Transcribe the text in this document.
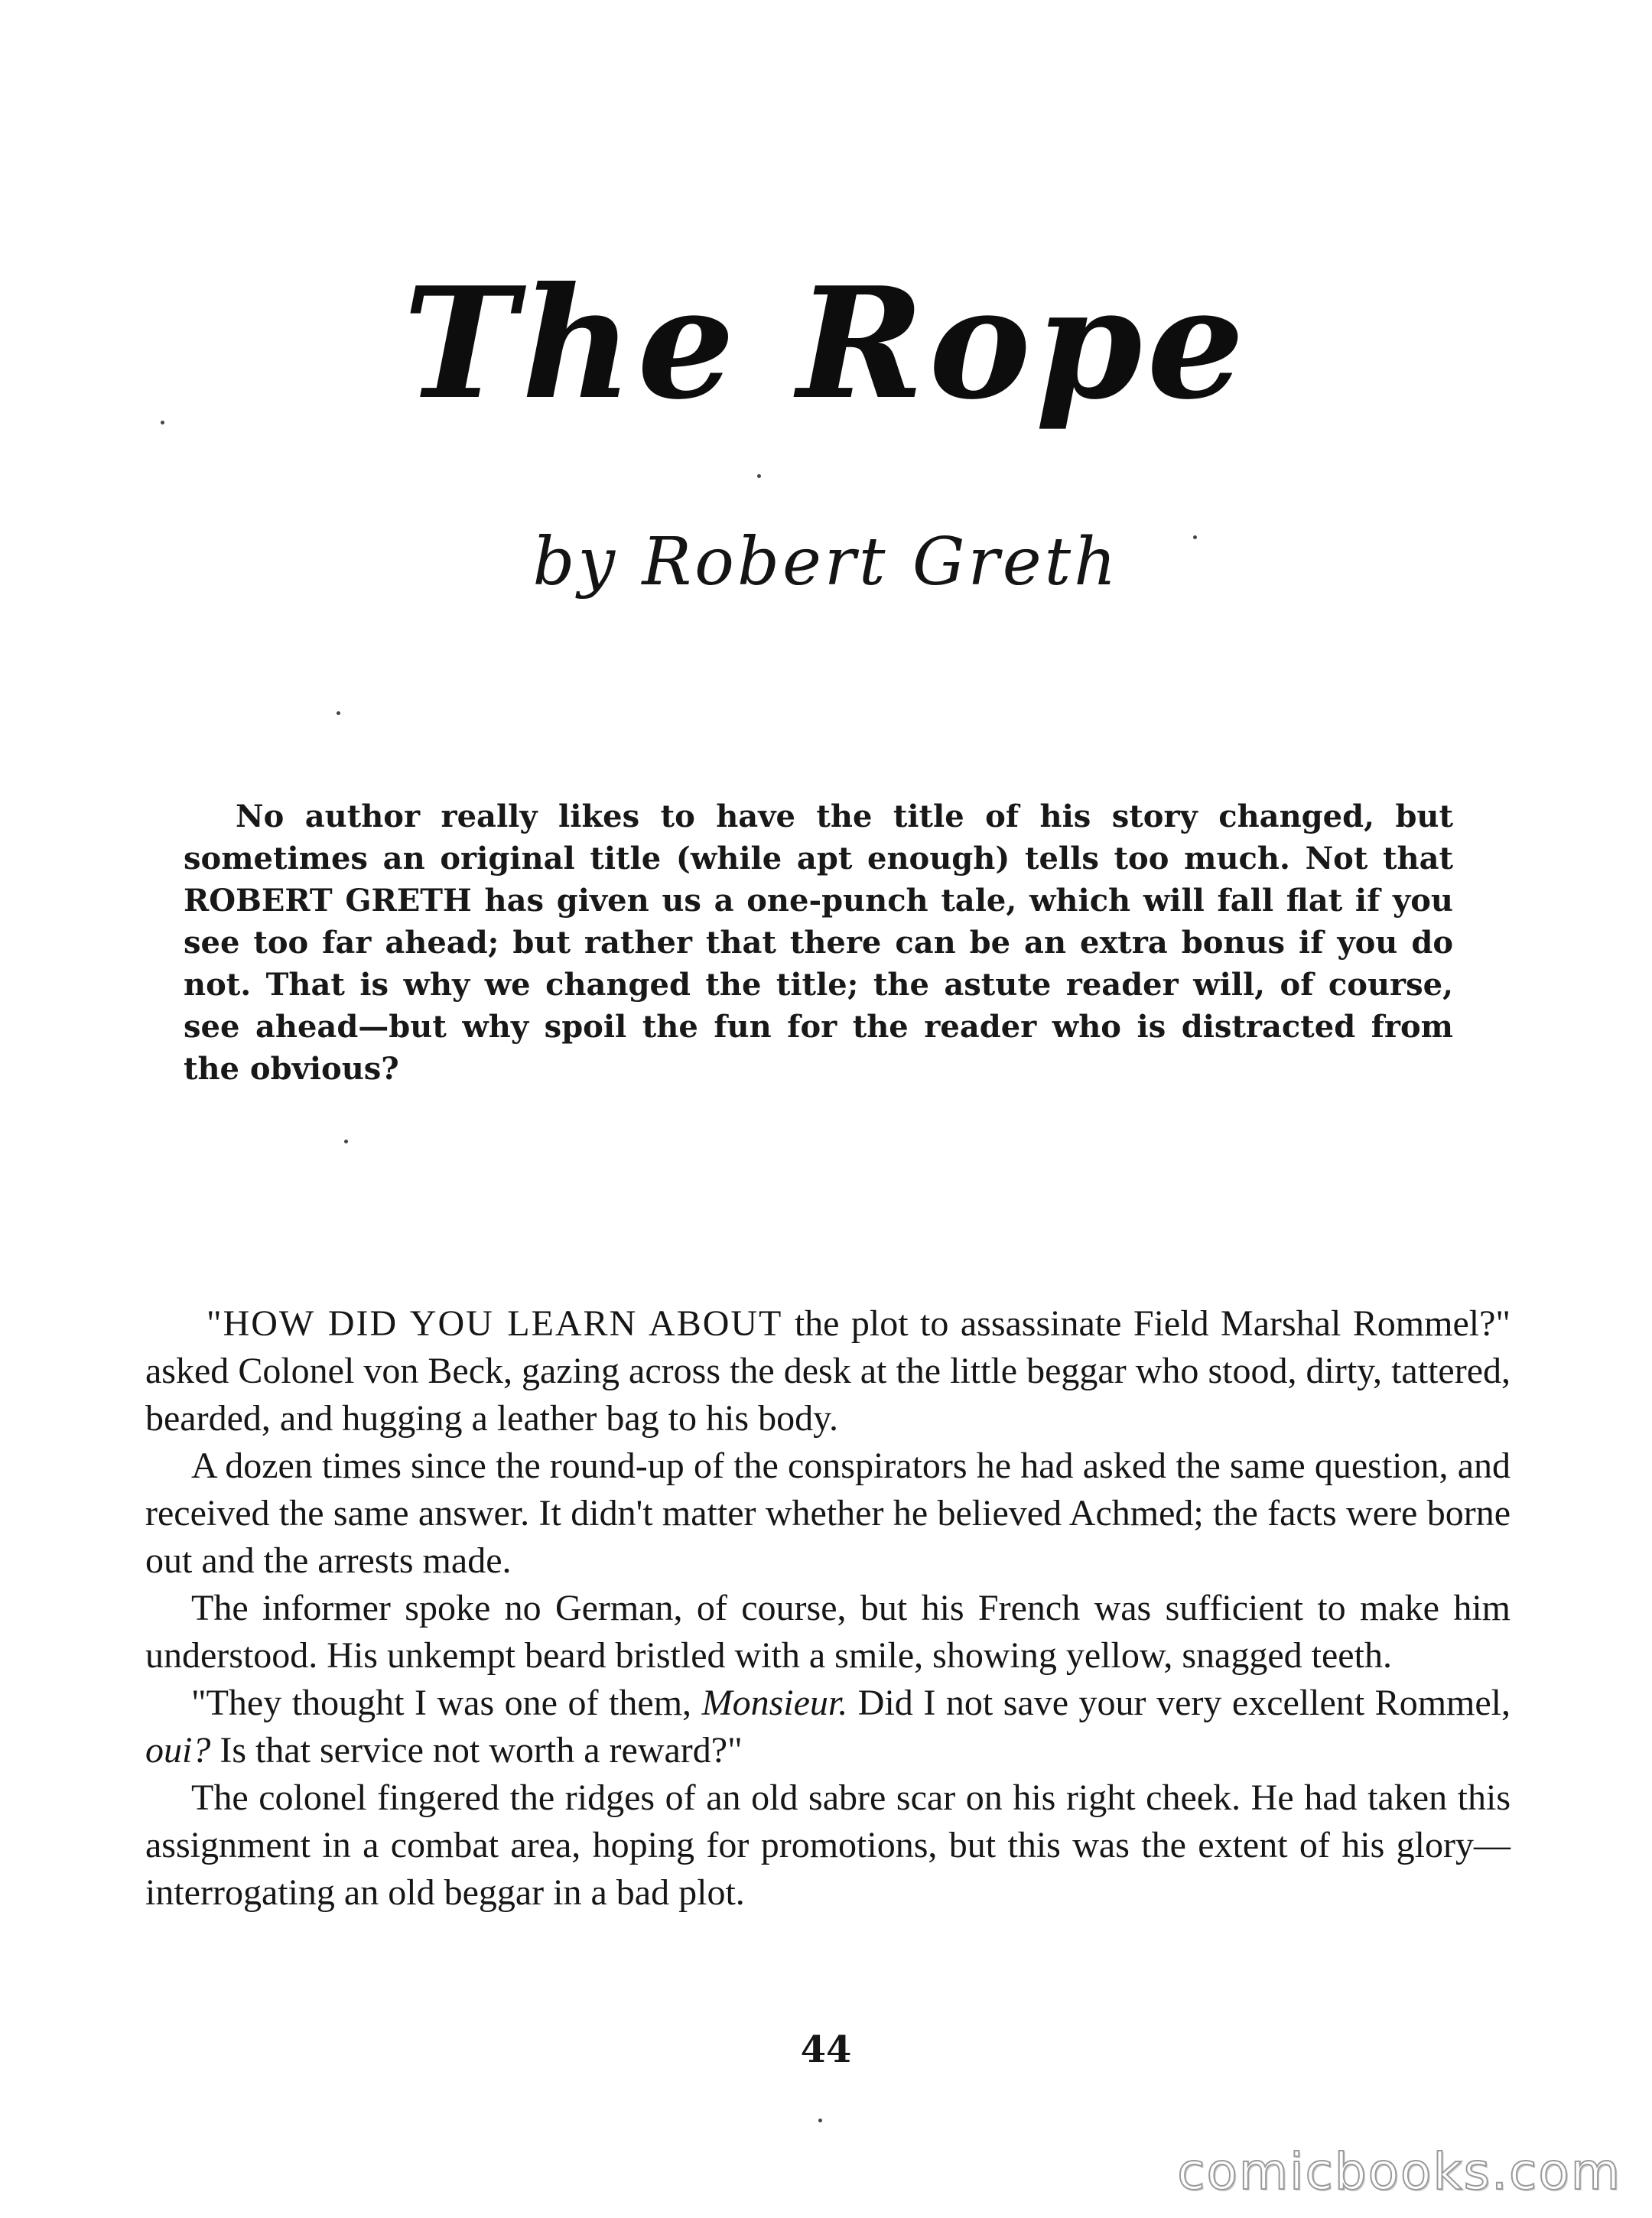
The Rope
by Robert Greth

No author really likes to have the title of his story changed, but sometimes an original title (while apt enough) tells too much. Not that ROBERT GRETH has given us a one-punch tale, which will fall flat if you see too far ahead; but rather that there can be an extra bonus if you do not. That is why we changed the title; the astute reader will, of course, see ahead—but why spoil the fun for the reader who is distracted from the obvious?

"HOW DID YOU LEARN ABOUT the plot to assassinate Field Marshal Rommel?" asked Colonel von Beck, gazing across the desk at the little beggar who stood, dirty, tattered, bearded, and hugging a leather bag to his body.

A dozen times since the round-up of the conspirators he had asked the same question, and received the same answer. It didn't matter whether he believed Achmed; the facts were borne out and the arrests made.

The informer spoke no German, of course, but his French was sufficient to make him understood. His unkempt beard bristled with a smile, showing yellow, snagged teeth.

"They thought I was one of them, Monsieur. Did I not save your very excellent Rommel, oui? Is that service not worth a reward?"

The colonel fingered the ridges of an old sabre scar on his right cheek. He had taken this assignment in a combat area, hoping for promotions, but this was the extent of his glory—interrogating an old beggar in a bad plot.

44
comicbooks.com
